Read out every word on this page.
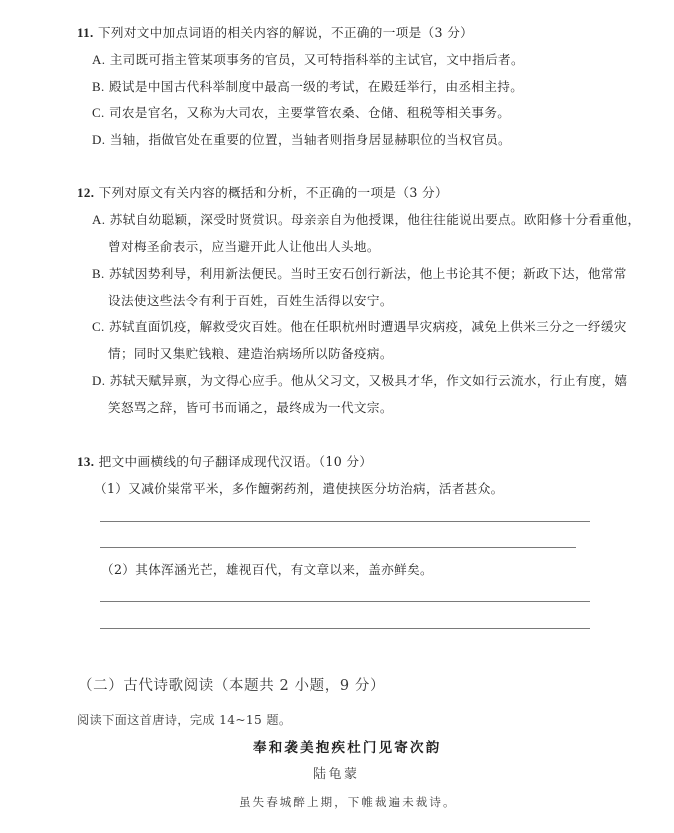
11. 下列对文中加点词语的相关内容的解说，不正确的一项是（3 分）
A. 主司既可指主管某项事务的官员，又可特指科举的主试官，文中指后者。
B. 殿试是中国古代科举制度中最高一级的考试，在殿廷举行，由丞相主持。
C. 司农是官名，又称为大司农，主要掌管农桑、仓储、租税等相关事务。
D. 当轴，指做官处在重要的位置，当轴者则指身居显赫职位的当权官员。
12. 下列对原文有关内容的概括和分析，不正确的一项是（3 分）
A. 苏轼自幼聪颖，深受时贤赏识。母亲亲自为他授课，他往往能说出要点。欧阳修十分看重他，
曾对梅圣俞表示，应当避开此人让他出人头地。
B. 苏轼因势利导，利用新法便民。当时王安石创行新法，他上书论其不便；新政下达，他常常
设法使这些法令有利于百姓，百姓生活得以安宁。
C. 苏轼直面饥疫，解救受灾百姓。他在任职杭州时遭遇旱灾病疫，减免上供米三分之一纾缓灾
情；同时又集贮钱粮、建造治病场所以防备疫病。
D. 苏轼天赋异禀，为文得心应手。他从父习文，又极具才华，作文如行云流水，行止有度，嬉
笑怒骂之辞，皆可书而诵之，最终成为一代文宗。
13. 把文中画横线的句子翻译成现代汉语。（10 分）
（1）又减价粜常平米，多作饘粥药剂，遣使挟医分坊治病，活者甚众。
（2）其体浑涵光芒，雄视百代，有文章以来，盖亦鲜矣。
（二）古代诗歌阅读（本题共 2 小题，9 分）
阅读下面这首唐诗，完成 14~15 题。
奉和袭美抱疾杜门见寄次韵
陆龟蒙
虽失春城醉上期，下帷裁遍未裁诗。
